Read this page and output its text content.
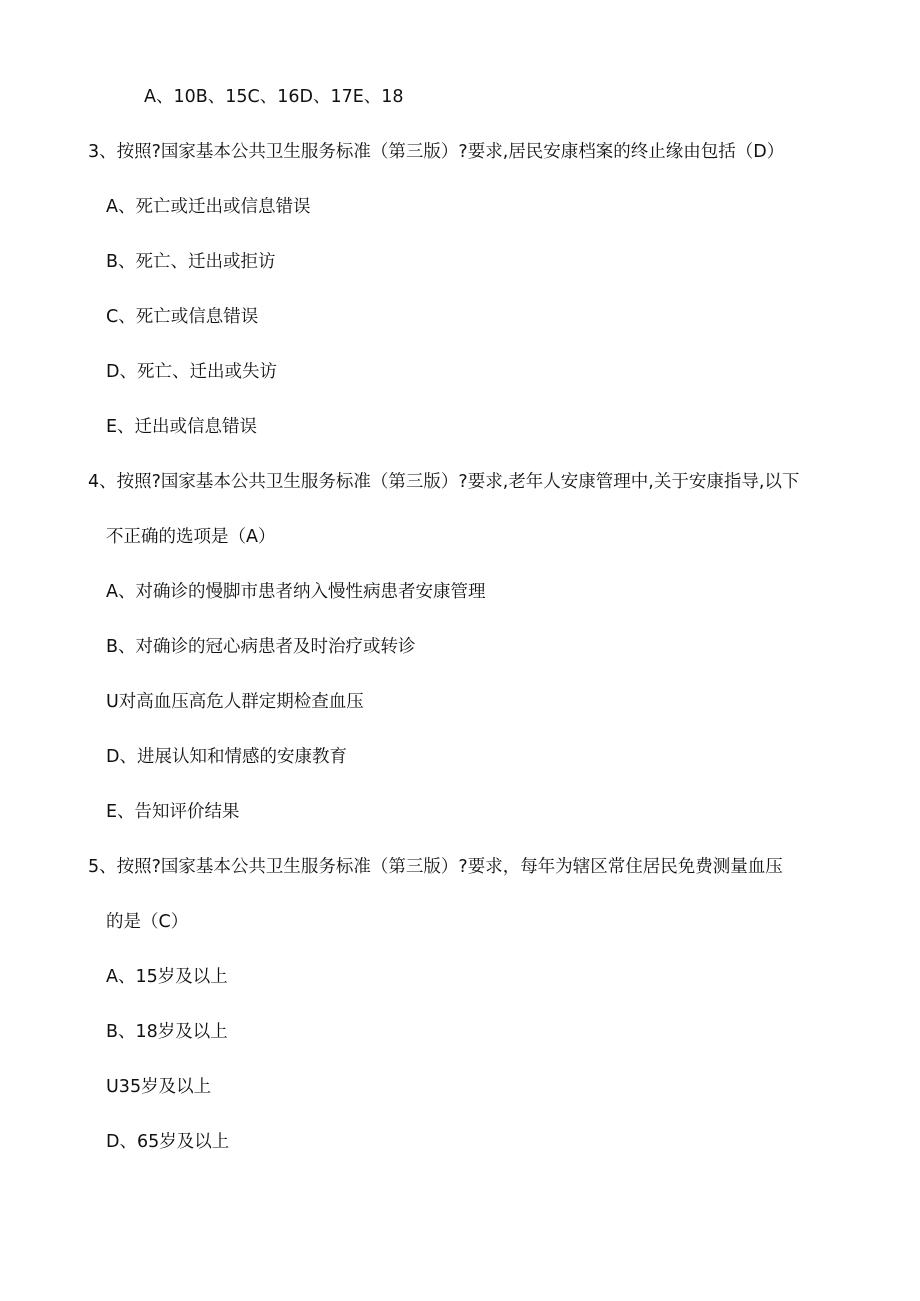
A、10B、15C、16D、17E、18
3、按照?国家基本公共卫生服务标准（第三版）?要求,居民安康档案的终止缘由包括（D）
A、死亡或迁出或信息错误
B、死亡、迁出或拒访
C、死亡或信息错误
D、死亡、迁出或失访
E、迁出或信息错误
4、按照?国家基本公共卫生服务标准（第三版）?要求,老年人安康管理中,关于安康指导,以下
不正确的选项是（A）
A、对确诊的慢脚市患者纳入慢性病患者安康管理
B、对确诊的冠心病患者及时治疗或转诊
U对高血压高危人群定期检查血压
D、进展认知和情感的安康教育
E、告知评价结果
5、按照?国家基本公共卫生服务标准（第三版）?要求，每年为辖区常住居民免费测量血压
的是（C）
A、15岁及以上
B、18岁及以上
U35岁及以上
D、65岁及以上
